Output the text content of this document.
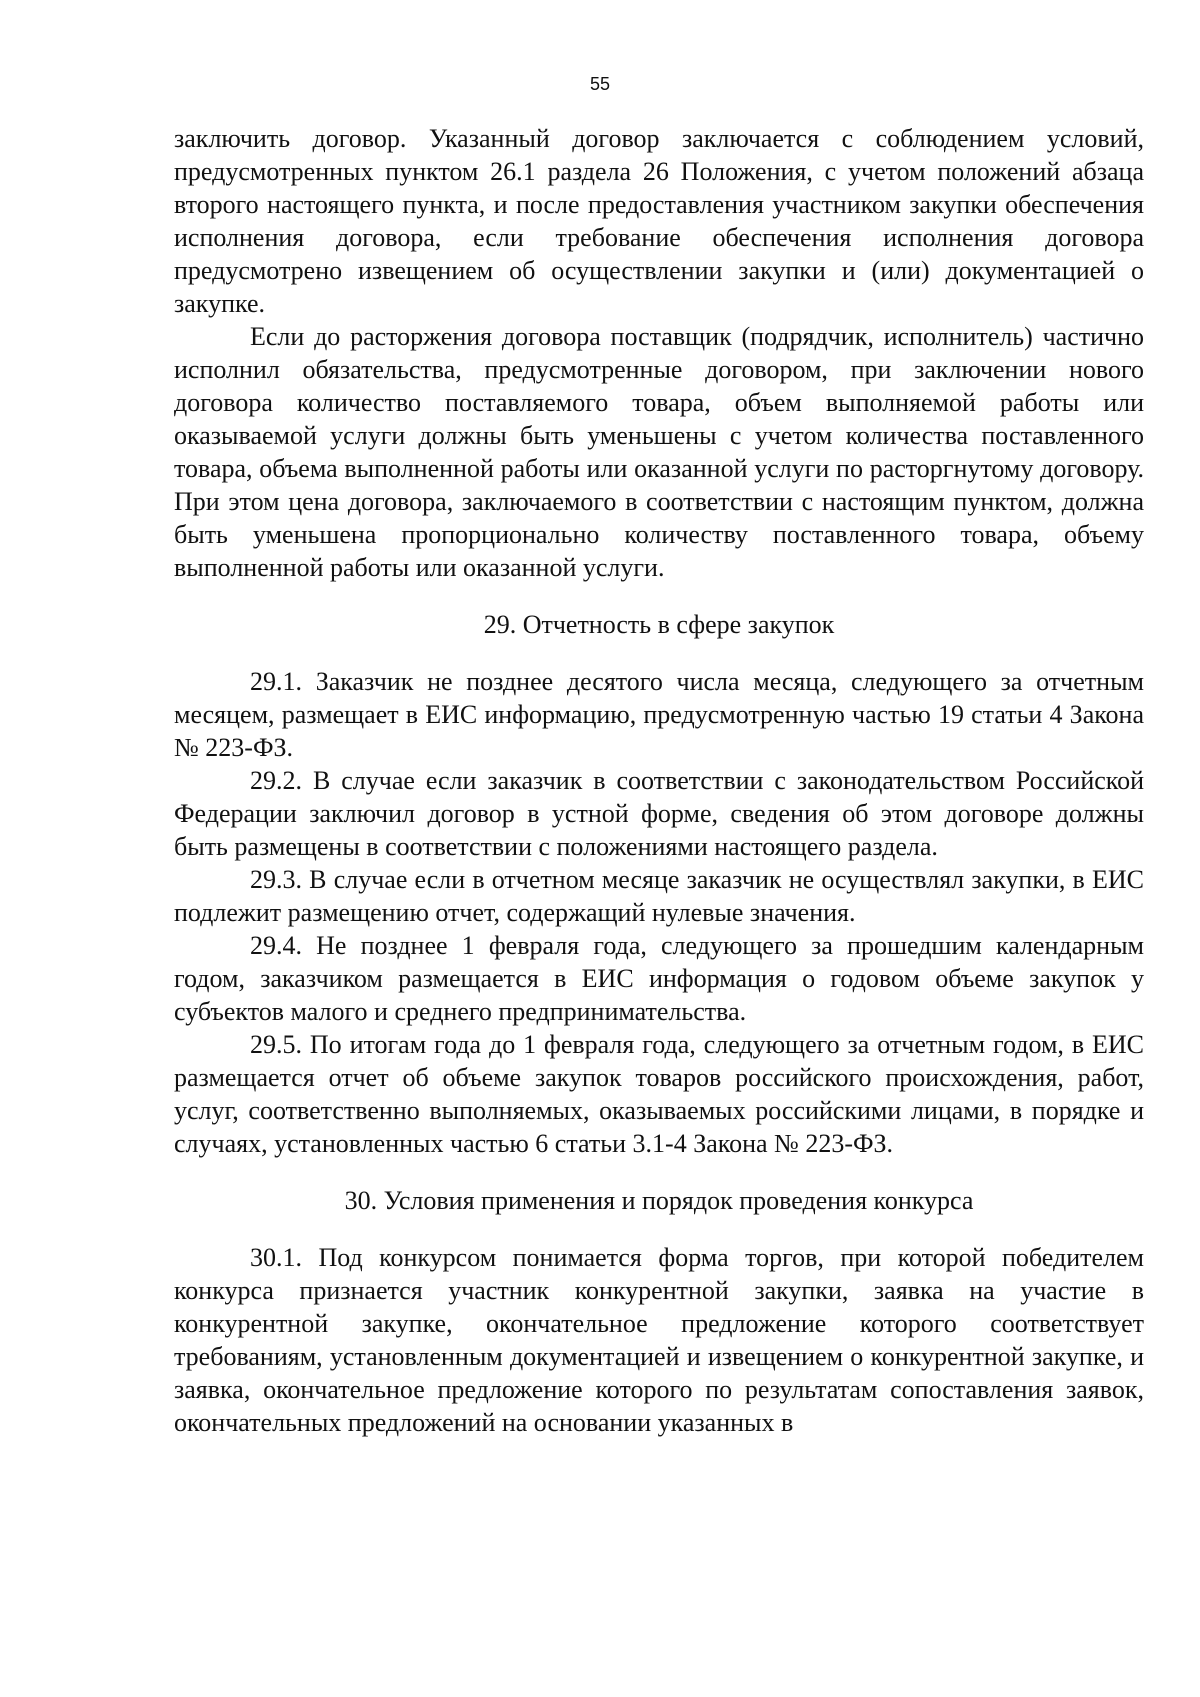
55

заключить договор. Указанный договор заключается с соблюдением условий, предусмотренных пунктом 26.1 раздела 26 Положения, с учетом положений абзаца второго настоящего пункта, и после предоставления участником закупки обеспечения исполнения договора, если требование обеспечения исполнения договора предусмотрено извещением об осуществлении закупки и (или) документацией о закупке.

Если до расторжения договора поставщик (подрядчик, исполнитель) частично исполнил обязательства, предусмотренные договором, при заключении нового договора количество поставляемого товара, объем выполняемой работы или оказываемой услуги должны быть уменьшены с учетом количества поставленного товара, объема выполненной работы или оказанной услуги по расторгнутому договору. При этом цена договора, заключаемого в соответствии с настоящим пунктом, должна быть уменьшена пропорционально количеству поставленного товара, объему выполненной работы или оказанной услуги.

29. Отчетность в сфере закупок

29.1. Заказчик не позднее десятого числа месяца, следующего за отчетным месяцем, размещает в ЕИС информацию, предусмотренную частью 19 статьи 4 Закона № 223-ФЗ.

29.2. В случае если заказчик в соответствии с законодательством Российской Федерации заключил договор в устной форме, сведения об этом договоре должны быть размещены в соответствии с положениями настоящего раздела.

29.3. В случае если в отчетном месяце заказчик не осуществлял закупки, в ЕИС подлежит размещению отчет, содержащий нулевые значения.

29.4. Не позднее 1 февраля года, следующего за прошедшим календарным годом, заказчиком размещается в ЕИС информация о годовом объеме закупок у субъектов малого и среднего предпринимательства.

29.5. По итогам года до 1 февраля года, следующего за отчетным годом, в ЕИС размещается отчет об объеме закупок товаров российского происхождения, работ, услуг, соответственно выполняемых, оказываемых российскими лицами, в порядке и случаях, установленных частью 6 статьи 3.1-4 Закона № 223-ФЗ.

30. Условия применения и порядок проведения конкурса

30.1. Под конкурсом понимается форма торгов, при которой победителем конкурса признается участник конкурентной закупки, заявка на участие в конкурентной закупке, окончательное предложение которого соответствует требованиям, установленным документацией и извещением о конкурентной закупке, и заявка, окончательное предложение которого по результатам сопоставления заявок, окончательных предложений на основании указанных в
